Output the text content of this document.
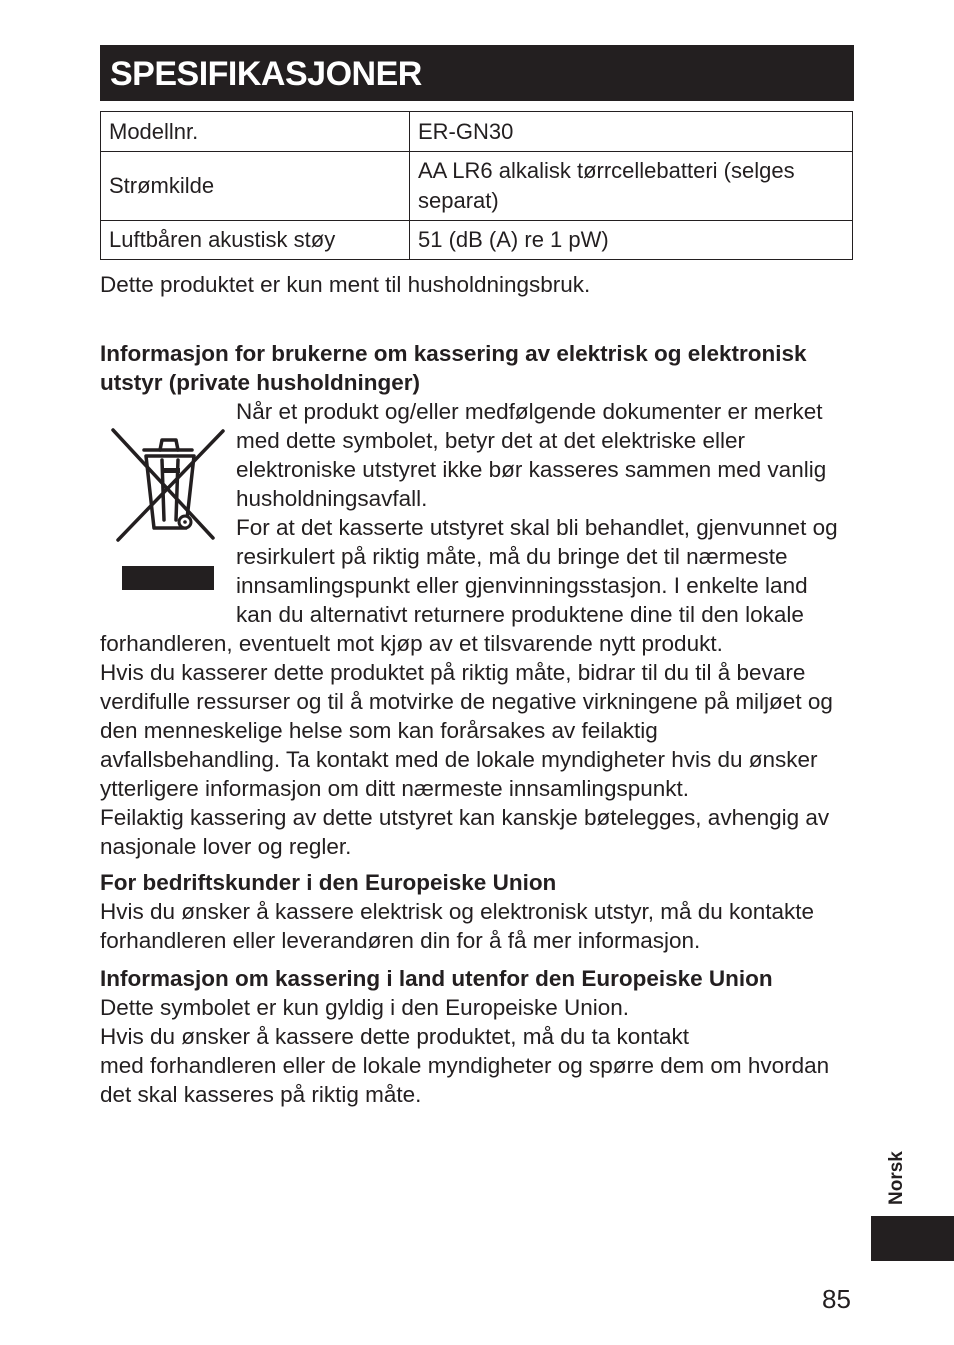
SPESIFIKASJONER
Modellnr.	ER-GN30
Strømkilde	AA LR6 alkalisk tørrcellebatteri (selges
separat)

Luftbåren akustisk støy	51 (dB (A) re 1 pW)
Dette produktet er kun ment til husholdningsbruk.
Informasjon for brukerne om kassering av elektrisk og elektronisk
utstyr (private husholdninger)
Når et produkt og/eller medfølgende dokumenter er merket
med dette symbolet, betyr det at det elektriske eller
elektroniske utstyret ikke bør kasseres sammen med vanlig
husholdningsavfall.
For at det kasserte utstyret skal bli behandlet, gjenvunnet og
resirkulert på riktig måte, må du bringe det til nærmeste
innsamlingspunkt eller gjenvinningsstasjon. I enkelte land
kan du alternativt returnere produktene dine til den lokale
forhandleren, eventuelt mot kjøp av et tilsvarende nytt produkt.
Hvis du kasserer dette produktet på riktig måte, bidrar til du til å bevare
verdifulle ressurser og til å motvirke de negative virkningene på miljøet og
den menneskelige helse som kan forårsakes av feilaktig
avfallsbehandling. Ta kontakt med de lokale myndigheter hvis du ønsker
ytterligere informasjon om ditt nærmeste innsamlingspunkt.
Feilaktig kassering av dette utstyret kan kanskje bøtelegges, avhengig av
nasjonale lover og regler.
For bedriftskunder i den Europeiske Union
Hvis du ønsker å kassere elektrisk og elektronisk utstyr, må du kontakte
forhandleren eller leverandøren din for å få mer informasjon.
Informasjon om kassering i land utenfor den Europeiske Union
Dette symbolet er kun gyldig i den Europeiske Union.
Hvis du ønsker å kassere dette produktet, må du ta kontakt
med forhandleren eller de lokale myndigheter og spørre dem om hvordan
det skal kasseres på riktig måte.
Norsk
85
